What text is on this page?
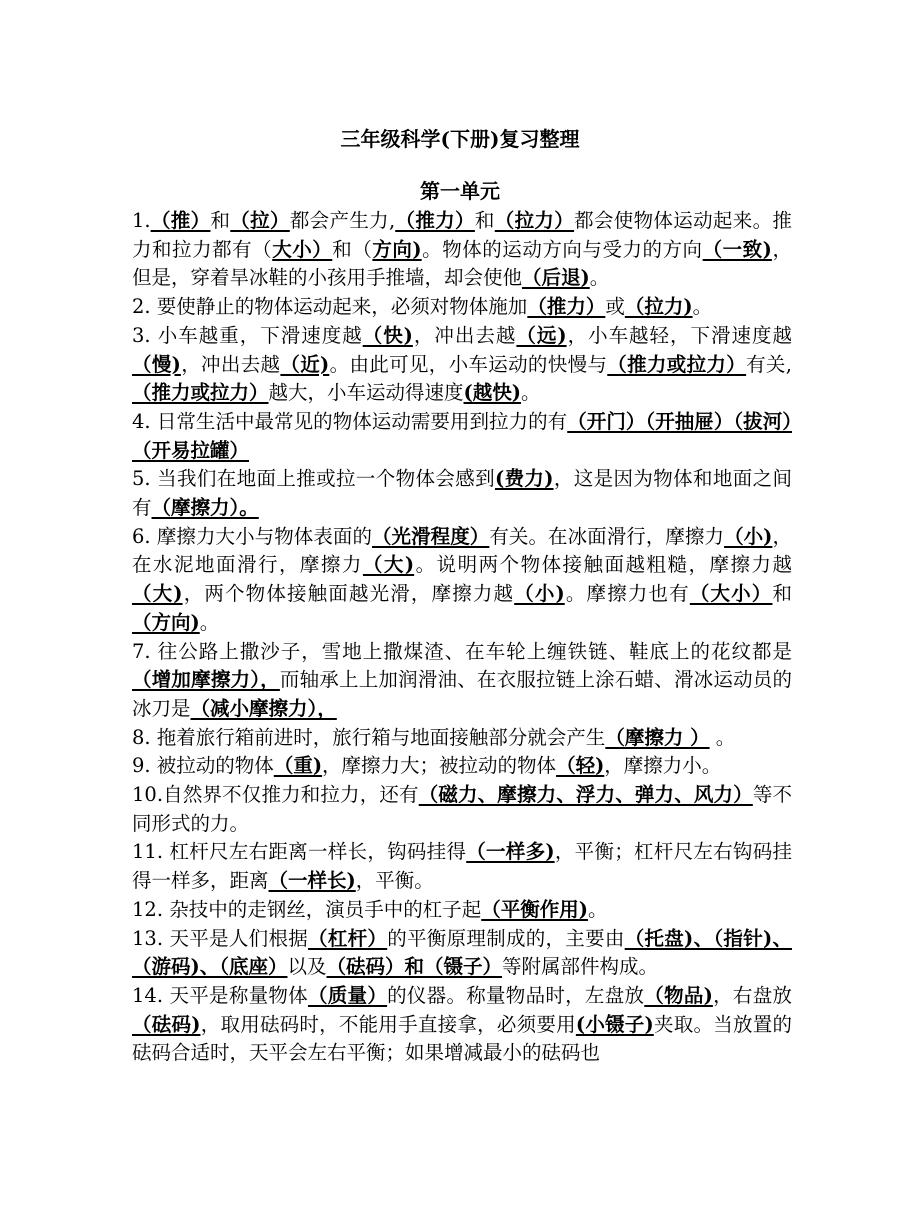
三年级科学(下册)复习整理
第一单元

1.（推）和（拉）都会产生力,（推力）和（拉力）都会使物体运动起来。推力和拉力都有（大小）和（方向)。物体的运动方向与受力的方向（一致)，但是，穿着旱冰鞋的小孩用手推墙，却会使他（后退)。

2. 要使静止的物体运动起来，必须对物体施加（推力）或（拉力)。

3. 小车越重，下滑速度越（快)，冲出去越（远)，小车越轻，下滑速度越（慢)，冲出去越（近)。由此可见，小车运动的快慢与（推力或拉力）有关, （推力或拉力）越大，小车运动得速度(越快)。

4. 日常生活中最常见的物体运动需要用到拉力的有（开门）（开抽屉）（拔河）（开易拉罐）

5. 当我们在地面上推或拉一个物体会感到(费力)，这是因为物体和地面之间有（摩擦力）。

6. 摩擦力大小与物体表面的（光滑程度）有关。在冰面滑行，摩擦力（小)，在水泥地面滑行，摩擦力（大)。说明两个物体接触面越粗糙，摩擦力越（大)，两个物体接触面越光滑，摩擦力越（小)。摩擦力也有（大小）和（方向)。

7. 往公路上撒沙子，雪地上撒煤渣、在车轮上缠铁链、鞋底上的花纹都是（增加摩擦力），而轴承上上加润滑油、在衣服拉链上涂石蜡、滑冰运动员的冰刀是（减小摩擦力），

8. 拖着旅行箱前进时，旅行箱与地面接触部分就会产生（摩擦力 ） 。

9. 被拉动的物体（重)，摩擦力大；被拉动的物体（轻)，摩擦力小。

10.自然界不仅推力和拉力，还有（磁力、摩擦力、浮力、弹力、风力）等不同形式的力。

11. 杠杆尺左右距离一样长，钩码挂得（一样多)，平衡；杠杆尺左右钩码挂得一样多，距离（一样长)，平衡。

12. 杂技中的走钢丝，演员手中的杠子起（平衡作用)。

13. 天平是人们根据（杠杆）的平衡原理制成的，主要由（托盘)、（指针)、（游码)、（底座）以及（砝码）和（镊子）等附属部件构成。

14. 天平是称量物体（质量）的仪器。称量物品时，左盘放（物品)，右盘放（砝码)，取用砝码时，不能用手直接拿，必须要用(小镊子)夹取。当放置的砝码合适时，天平会左右平衡；如果增减最小的砝码也
